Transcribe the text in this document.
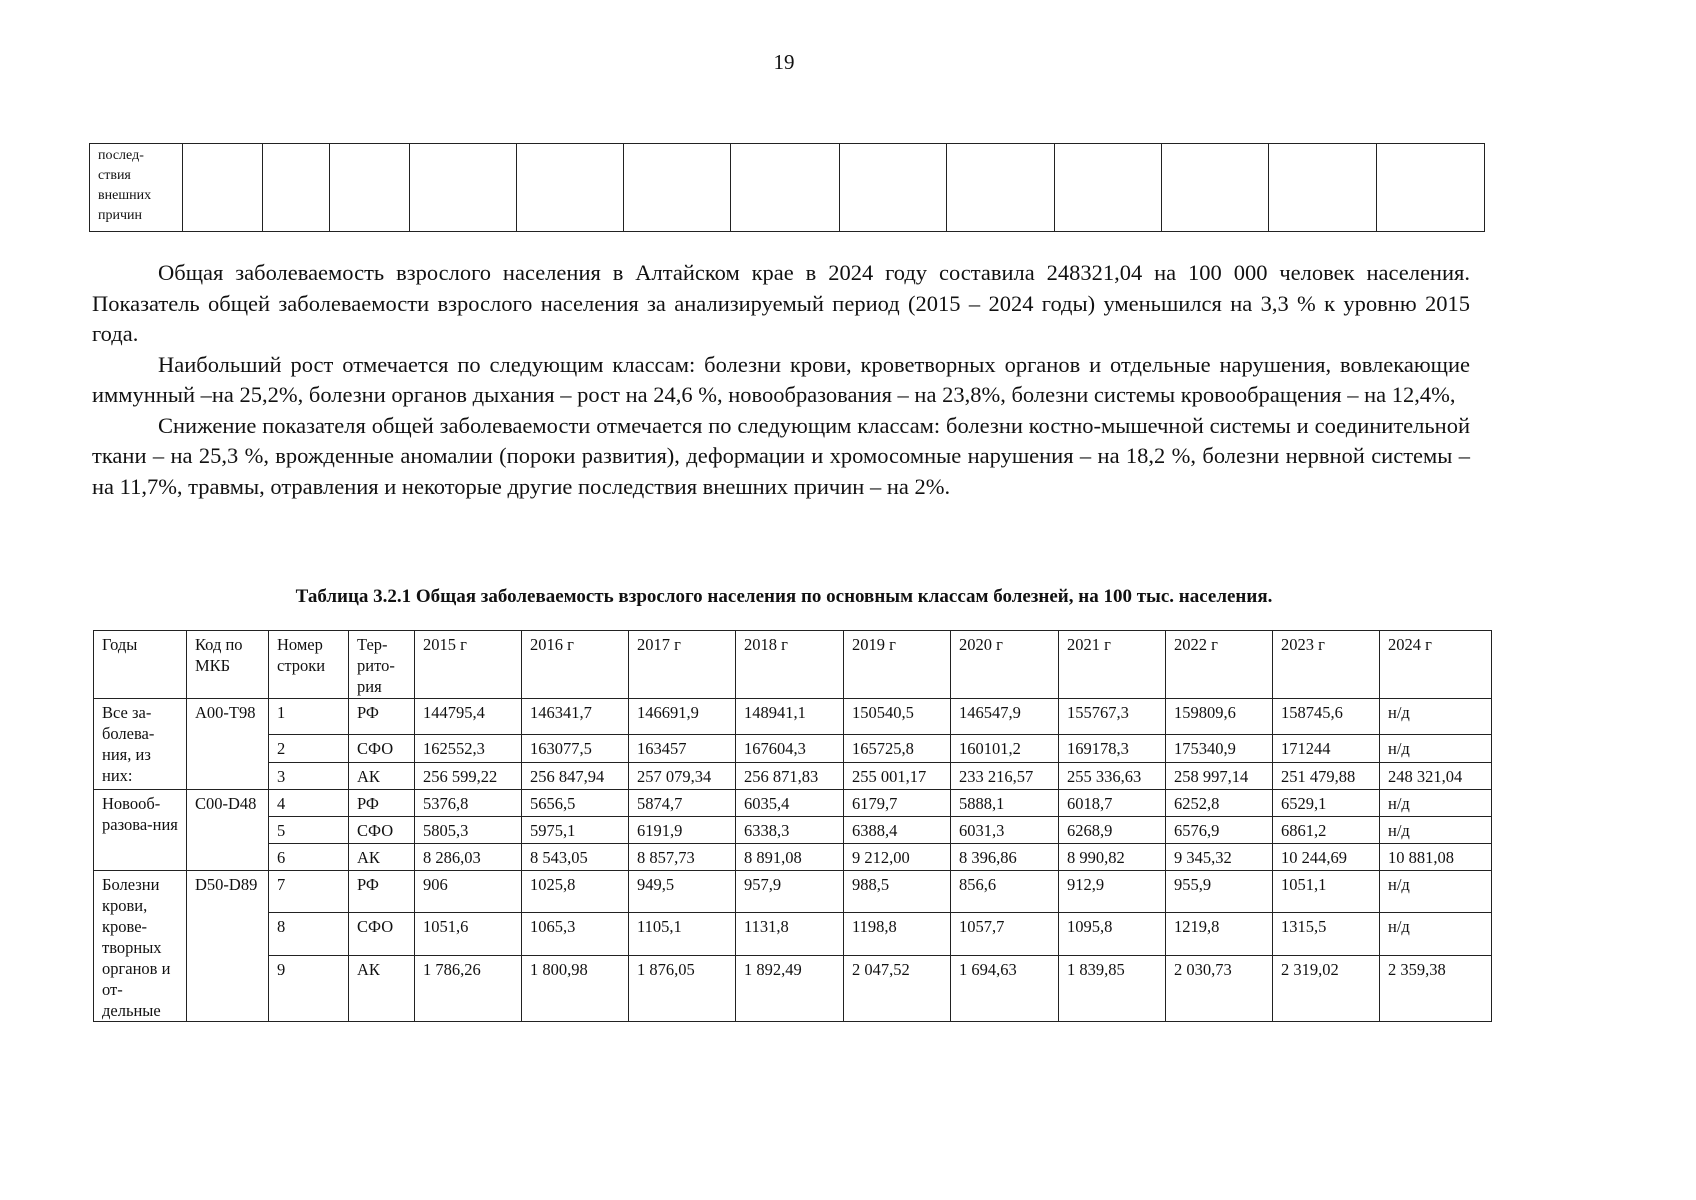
19
послед-
ствия
внешних
причин

Общая заболеваемость взрослого населения в Алтайском крае в 2024 году составила 248321,04 на 100 000 человек населения. Показатель общей заболеваемости взрослого населения за анализируемый период (2015 – 2024 годы) уменьшился на 3,3 % к уровню 2015 года.

Наибольший рост отмечается по следующим классам: болезни крови, кроветворных органов и отдельные нарушения, вовлекающие иммунный –на 25,2%, болезни органов дыхания – рост на 24,6 %, новообразования – на 23,8%, болезни системы кровообращения – на 12,4%,

Снижение показателя общей заболеваемости отмечается по следующим классам: болезни костно-мышечной системы и соединительной ткани – на 25,3 %, врожденные аномалии (пороки развития), деформации и хромосомные нарушения – на 18,2 %, болезни нервной системы – на 11,7%, травмы, отравления и некоторые другие последствия внешних причин – на 2%.

Таблица 3.2.1 Общая заболеваемость взрослого населения по основным классам болезней, на 100 тыс. населения.
Годы	Код по МКБ	Номер строки	Тер-рито-рия	2015 г	2016 г	2017 г	2018 г	2019 г	2020 г	2021 г	2022 г	2023 г	2024 г
Все за-болева-ния, из них:	A00-T98	1	РФ	144795,4	146341,7	146691,9	148941,1	150540,5	146547,9	155767,3	159809,6	158745,6	н/д
		2	СФО	162552,3	163077,5	163457	167604,3	165725,8	160101,2	169178,3	175340,9	171244	н/д
		3	АК	256 599,22	256 847,94	257 079,34	256 871,83	255 001,17	233 216,57	255 336,63	258 997,14	251 479,88	248 321,04
Новооб-разова-ния	C00-D48	4	РФ	5376,8	5656,5	5874,7	6035,4	6179,7	5888,1	6018,7	6252,8	6529,1	н/д
		5	СФО	5805,3	5975,1	6191,9	6338,3	6388,4	6031,3	6268,9	6576,9	6861,2	н/д
		6	АК	8 286,03	8 543,05	8 857,73	8 891,08	9 212,00	8 396,86	8 990,82	9 345,32	10 244,69	10 881,08
Болезни крови, крове-творных органов и от-дельные	D50-D89	7	РФ	906	1025,8	949,5	957,9	988,5	856,6	912,9	955,9	1051,1	н/д
		8	СФО	1051,6	1065,3	1105,1	1131,8	1198,8	1057,7	1095,8	1219,8	1315,5	н/д
		9	АК	1 786,26	1 800,98	1 876,05	1 892,49	2 047,52	1 694,63	1 839,85	2 030,73	2 319,02	2 359,38
